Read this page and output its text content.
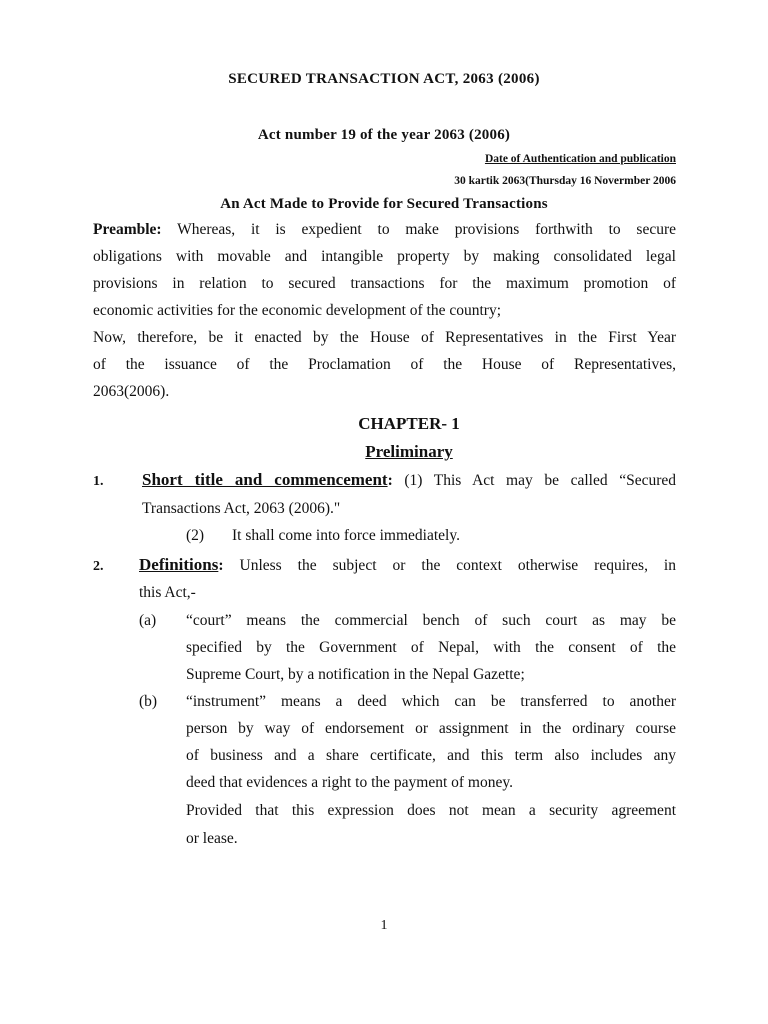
SECURED TRANSACTION ACT, 2063 (2006)
Act number 19 of the year 2063 (2006)
Date of Authentication and publication
30 kartik 2063(Thursday 16 Novermber 2006
An Act Made to Provide for Secured Transactions
Preamble: Whereas, it is expedient to make provisions forthwith to secure
obligations with movable and intangible property by making consolidated legal
provisions in relation to secured transactions for the maximum promotion of
economic activities for the economic development of the country;
Now, therefore, be it enacted by the House of Representatives in the First Year
of the issuance of the Proclamation of the House of Representatives,
2063(2006).
CHAPTER- 1
Preliminary
1. Short title and commencement: (1) This Act may be called “Secured
Transactions Act, 2063 (2006)."
(2) It shall come into force immediately.
2. Definitions: Unless the subject or the context otherwise requires, in
this Act,-
(a) “court” means the commercial bench of such court as may be
specified by the Government of Nepal, with the consent of the
Supreme Court, by a notification in the Nepal Gazette;
(b) “instrument” means a deed which can be transferred to another
person by way of endorsement or assignment in the ordinary course
of business and a share certificate, and this term also includes any
deed that evidences a right to the payment of money.
Provided that this expression does not mean a security agreement
or lease.
1
